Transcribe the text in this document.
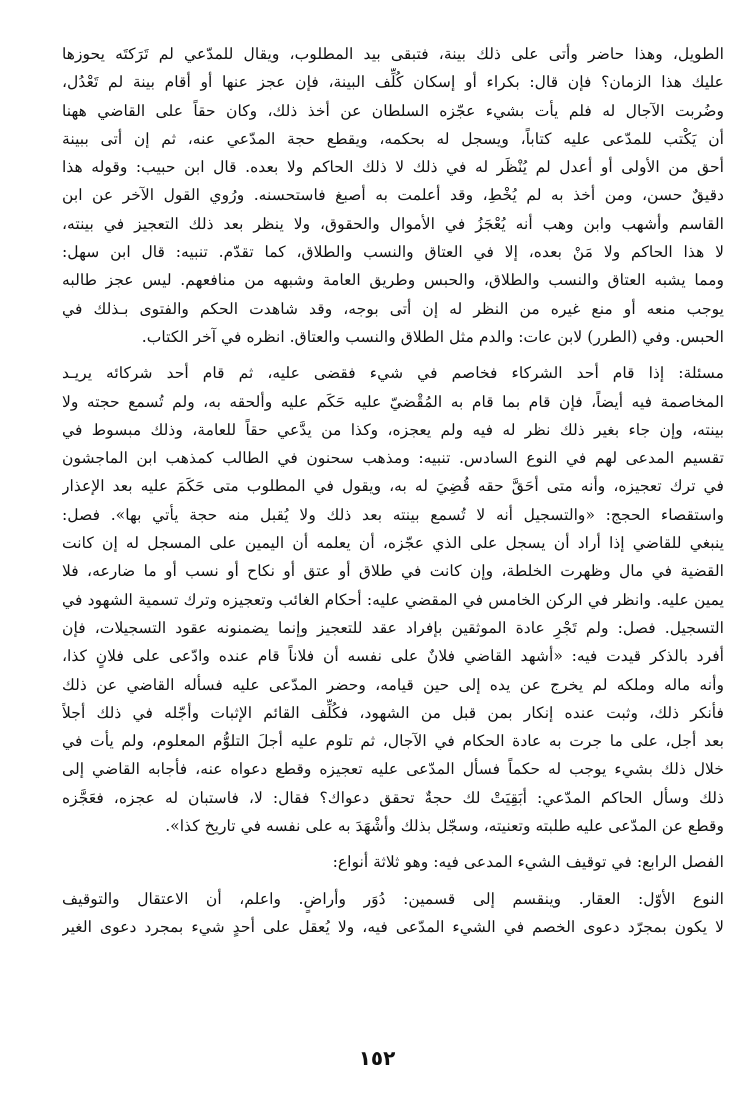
الطويل، وهذا حاضر وأتى على ذلك بينة، فتبقى بيد المطلوب، ويقال للمدّعي لم تَرَكتَه يحوزها
عليك هذا الزمان؟ فإن قال: بكراء أو إسكان كُلِّف البينة، فإن عجز عنها أو أقام بينة لم تَعْدُل،
وضُربت الآجال له فلم يأت بشيء عجّزه السلطان عن أخذ ذلك، وكان حقاً على القاضي ههنا
أن يَكْتب للمدّعى عليه كتاباً، ويسجل له بحكمه، ويقطع حجة المدّعي عنه، ثم إن أتى ببينة
أحق من الأولى أو أعدل لم يُنْظَر له في ذلك لا ذلك الحاكم ولا بعده. قال ابن حبيب: وقوله هذا
دقيقٌ حسن، ومن أخذ به لم يُخْطِ، وقد أعلمت به أصبغ فاستحسنه. ورُوي القول الآخر عن ابن
القاسم وأشهب وابن وهب أنه يُعْجَزُ في الأموال والحقوق، ولا ينظر بعد ذلك التعجيز في بينته،
لا هذا الحاكم ولا مَنْ بعده، إلا في العتاق والنسب والطلاق، كما تقدّم. تنبيه: قال ابن سهل:
ومما يشبه العتاق والنسب والطلاق، والحبس وطريق العامة وشبهه من منافعهم. ليس عجز طالبه
يوجب منعه أو منع غيره من النظر له إن أتى بوجه، وقد شاهدت الحكم والفتوى بـذلك في
الحبس. وفي (الطرر) لابن عات: والدم مثل الطلاق والنسب والعتاق. انظره في آخر الكتاب.
مسئلة: إذا قام أحد الشركاء فخاصم في شيء فقضى عليه، ثم قام أحد شركائه يريـد
المخاصمة فيه أيضاً، فإن قام بما قام به المُقْضيّ عليه حَكَم عليه وألحقه به، ولم تُسمع حجته ولا
بينته، وإن جاء بغير ذلك نظر له فيه ولم يعجزه، وكذا من يدَّعي حقاً للعامة، وذلك مبسوط في
تقسيم المدعى لهم في النوع السادس. تنبيه: ومذهب سحنون في الطالب كمذهب ابن الماجشون
في ترك تعجيزه، وأنه متى أحَقَّ حقه قُضِيَ له به، ويقول في المطلوب متى حَكَمَ عليه بعد الإعذار
واستقصاء الحجج: «والتسجيل أنه لا تُسمع بينته بعد ذلك ولا يُقبل منه حجة يأتي بها». فصل:
ينبغي للقاضي إذا أراد أن يسجل على الذي عجّزه، أن يعلمه أن اليمين على المسجل له إن كانت
القضية في مال وظهرت الخلطة، وإن كانت في طلاق أو عتق أو نكاح أو نسب أو ما ضارعه، فلا
يمين عليه. وانظر في الركن الخامس في المقضي عليه: أحكام الغائب وتعجيزه وترك تسمية الشهود في
التسجيل. فصل: ولم تَجْرِ عادة الموثقين بإفراد عقد للتعجيز وإنما يضمنونه عقود التسجيلات، فإن
أفرد بالذكر قيدت فيه: «أشهد القاضي فلانٌ على نفسه أن فلاناً قام عنده وادّعى على فلانٍ كذا،
وأنه ماله وملكه لم يخرج عن يده إلى حين قيامه، وحضر المدّعى عليه فسأله القاضي عن ذلك
فأنكر ذلك، وثبت عنده إنكار بمن قبل من الشهود، فكُلِّف القائم الإثبات وأجّله في ذلك أجلاً
بعد أجل، على ما جرت به عادة الحكام في الآجال، ثم تلوم عليه أجلَ التلوُّم المعلوم، ولم يأت في
خلال ذلك بشيء يوجب له حكماً فسأل المدّعى عليه تعجيزه وقطع دعواه عنه، فأجابه القاضي إلى
ذلك وسأل الحاكم المدّعي: أبَقِيَتْ لك حجةٌ تحقق دعواك؟ فقال: لا، فاستبان له عجزه، فعَجَّزه
وقطع عن المدّعى عليه طلبته وتعنيته، وسجّل بذلك وأشْهَدَ به على نفسه في تاريخ كذا».
الفصل الرابع: في توقيف الشيء المدعى فيه: وهو ثلاثة أنواع:
النوع الأوّل: العقار. وينقسم إلى قسمين: دُوَر وأراضٍ. واعلم، أن الاعتقال والتوقيف
لا يكون بمجرّد دعوى الخصم في الشيء المدّعى فيه، ولا يُعقل على أحدٍ شيء بمجرد دعوى الغير
١٥٢
